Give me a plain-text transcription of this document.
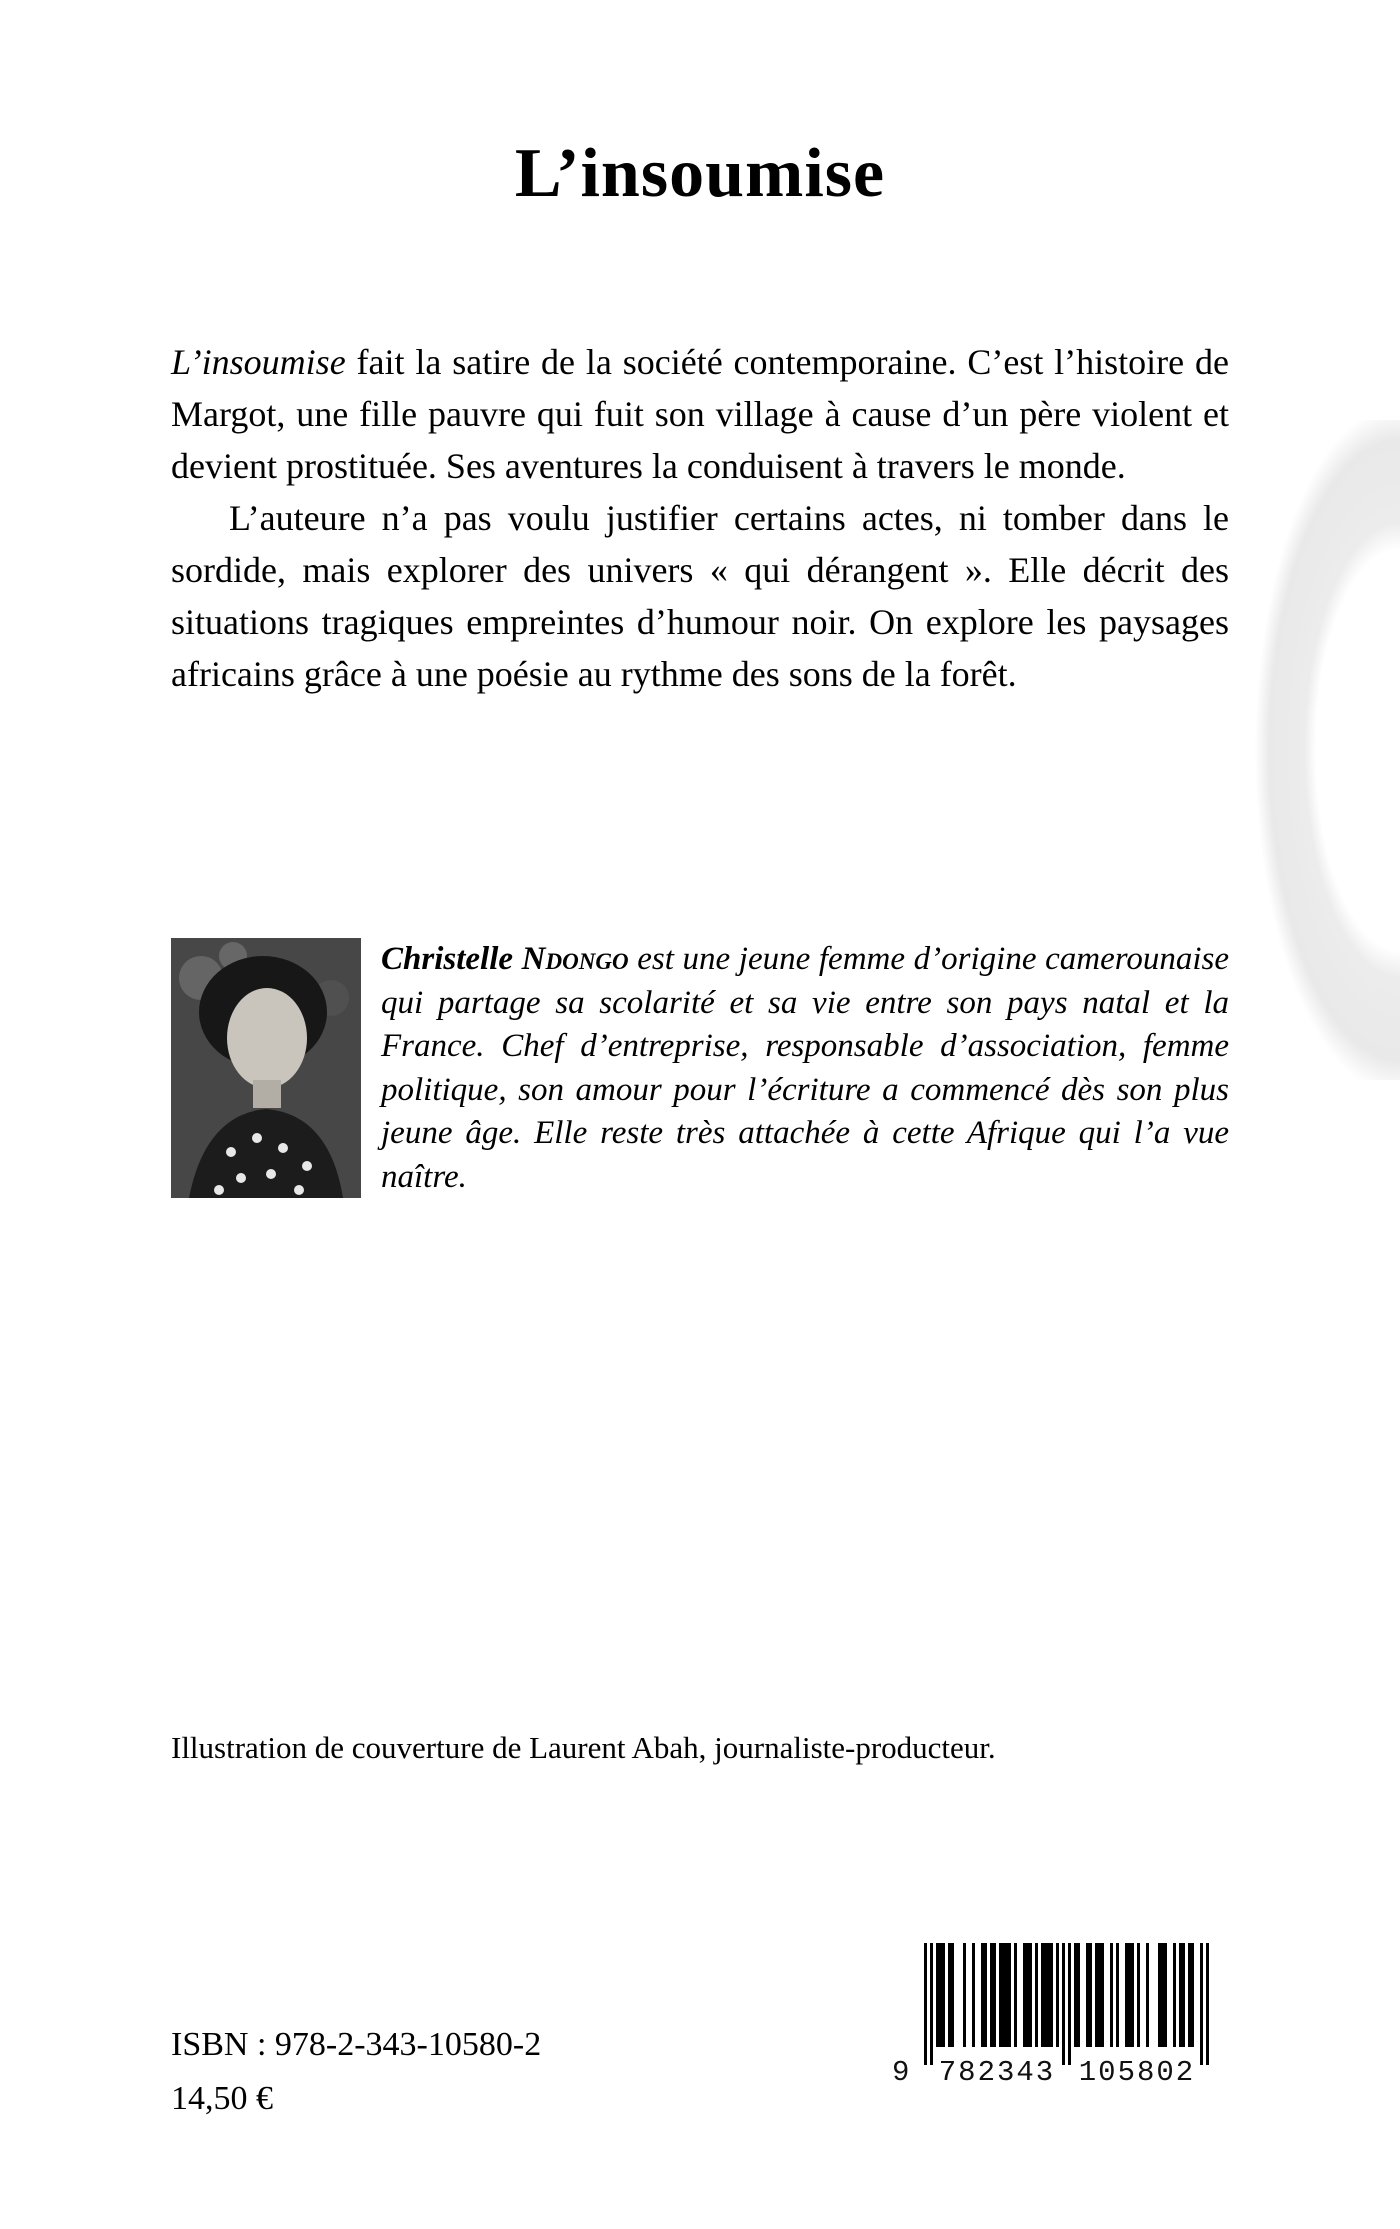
L’insoumise

L’insoumise fait la satire de la société contemporaine. C’est l’histoire de Margot, une fille pauvre qui fuit son village à cause d’un père violent et devient prostituée. Ses aventures la conduisent à travers le monde.

L’auteure n’a pas voulu justifier certains actes, ni tomber dans le sordide, mais explorer des univers « qui dérangent ». Elle décrit des situations tragiques empreintes d’humour noir. On explore les paysages africains grâce à une poésie au rythme des sons de la forêt.

Christelle Ndongo est une jeune femme d’origine camerounaise qui partage sa scolarité et sa vie entre son pays natal et la France. Chef d’entreprise, responsable d’association, femme politique, son amour pour l’écriture a commencé dès son plus jeune âge. Elle reste très attachée à cette Afrique qui l’a vue naître.

Illustration de couverture de Laurent Abah, journaliste-producteur.

ISBN : 978-2-343-10580-2

14,50 €

9 782343 105802
